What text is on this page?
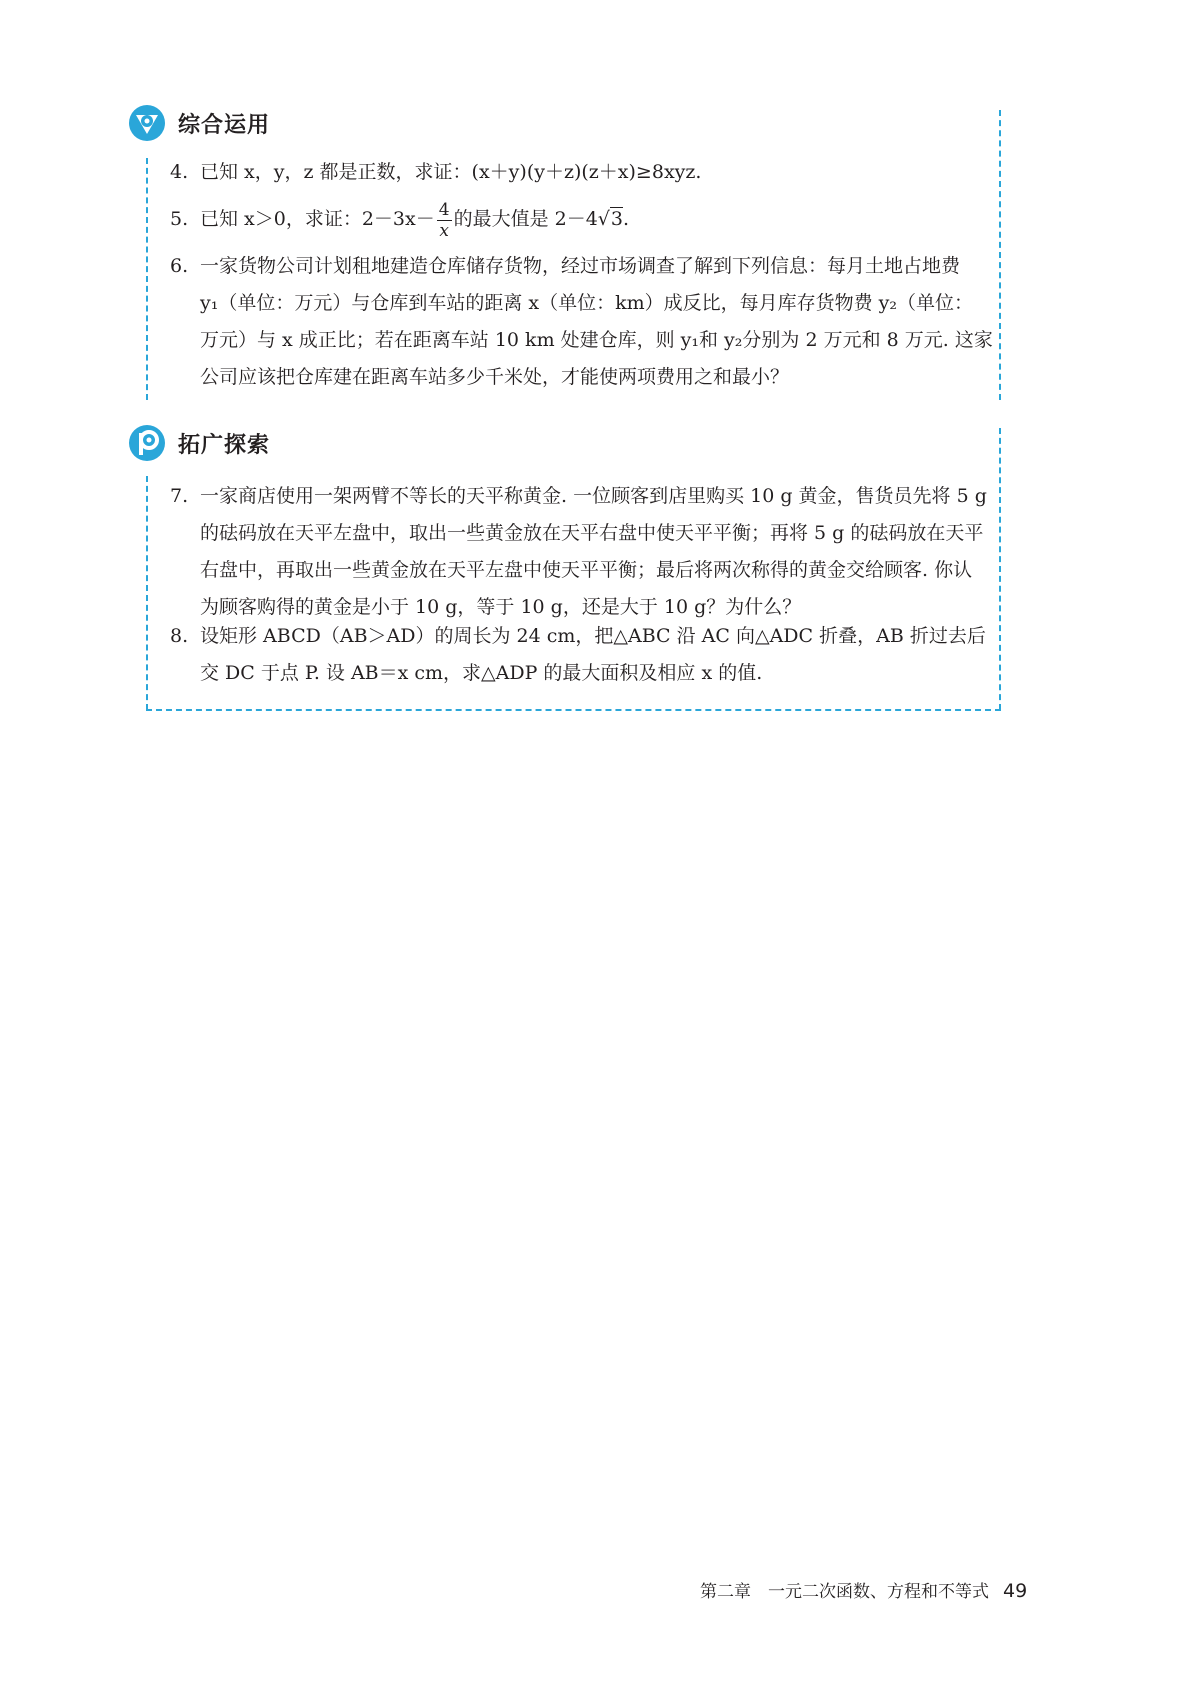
综合运用
4. 已知 x，y，z 都是正数，求证：(x＋y)(y＋z)(z＋x)≥8xyz.
5. 已知 x＞0，求证：$2-3x- \frac{4}{x}$ 的最大值是 2－4√3.
6. 一家货物公司计划租地建造仓库储存货物，经过市场调查了解到下列信息：每月土地占地费
y₁（单位：万元）与仓库到车站的距离 x（单位：km）成反比，每月库存货物费 y₂（单位：
万元）与 x 成正比；若在距离车站 10 km 处建仓库，则 y₁和 y₂分别为 2 万元和 8 万元. 这家
公司应该把仓库建在距离车站多少千米处，才能使两项费用之和最小？
拓广探索
7. 一家商店使用一架两臂不等长的天平称黄金. 一位顾客到店里购买 10 g 黄金，售货员先将 5 g
的砝码放在天平左盘中，取出一些黄金放在天平右盘中使天平平衡；再将 5 g 的砝码放在天平
右盘中，再取出一些黄金放在天平左盘中使天平平衡；最后将两次称得的黄金交给顾客. 你认
为顾客购得的黄金是小于 10 g，等于 10 g，还是大于 10 g？为什么？
8. 设矩形 ABCD（AB＞AD）的周长为 24 cm，把△ABC 沿 AC 向△ADC 折叠，AB 折过去后
交 DC 于点 P. 设 AB＝x cm，求△ADP 的最大面积及相应 x 的值.
第二章　一元二次函数、方程和不等式 49
